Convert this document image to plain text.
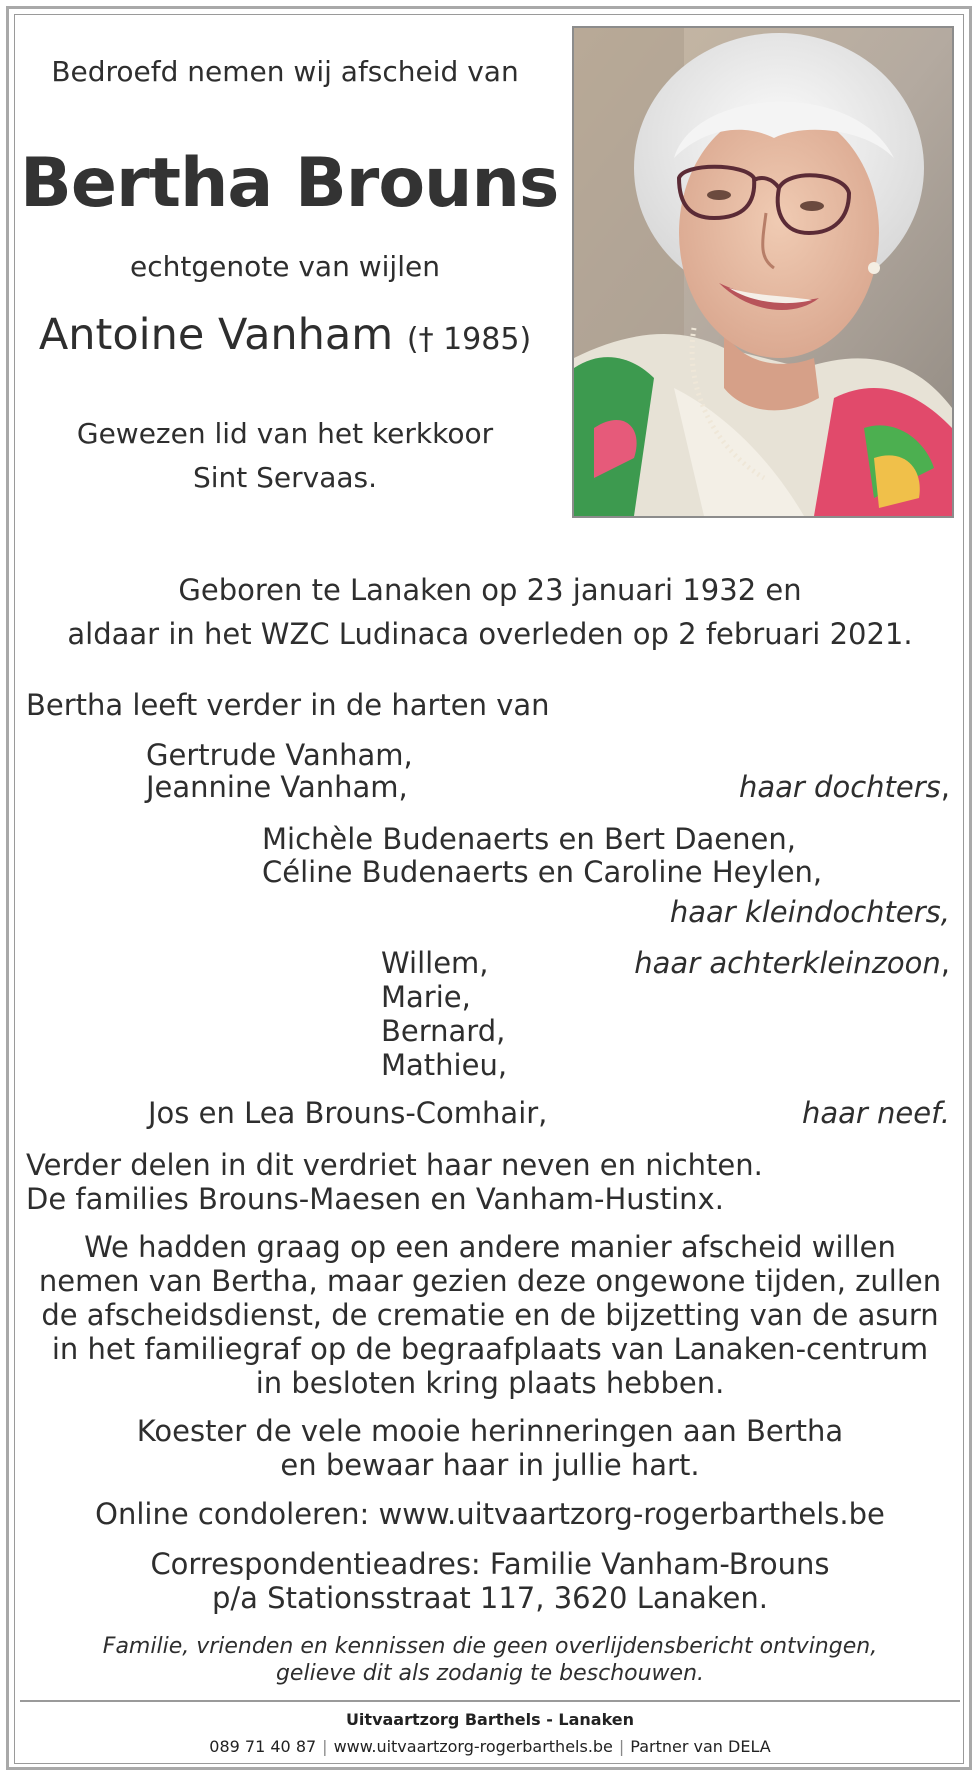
Bedroefd nemen wij afscheid van
Bertha Brouns
echtgenote van wijlen
Antoine Vanham († 1985)
Gewezen lid van het kerkkoor
Sint Servaas.
Geboren te Lanaken op 23 januari 1932 en
aldaar in het WZC Ludinaca overleden op 2 februari 2021.
Bertha leeft verder in de harten van
Gertrude Vanham,
Jeannine Vanham,	haar dochters,
Michèle Budenaerts en Bert Daenen,
Céline Budenaerts en Caroline Heylen,
haar kleindochters,
Willem,	haar achterkleinzoon,
Marie,
Bernard,
Mathieu,
Jos en Lea Brouns-Comhair,	haar neef.
Verder delen in dit verdriet haar neven en nichten.
De families Brouns-Maesen en Vanham-Hustinx.
We hadden graag op een andere manier afscheid willen
nemen van Bertha, maar gezien deze ongewone tijden, zullen
de afscheidsdienst, de crematie en de bijzetting van de asurn
in het familiegraf op de begraafplaats van Lanaken-centrum
in besloten kring plaats hebben.
Koester de vele mooie herinneringen aan Bertha
en bewaar haar in jullie hart.
Online condoleren: www.uitvaartzorg-rogerbarthels.be
Correspondentieadres: Familie Vanham-Brouns
p/a Stationsstraat 117, 3620 Lanaken.
Familie, vrienden en kennissen die geen overlijdensbericht ontvingen,
gelieve dit als zodanig te beschouwen.
Uitvaartzorg Barthels - Lanaken
089 71 40 87 | www.uitvaartzorg-rogerbarthels.be | Partner van DELA
